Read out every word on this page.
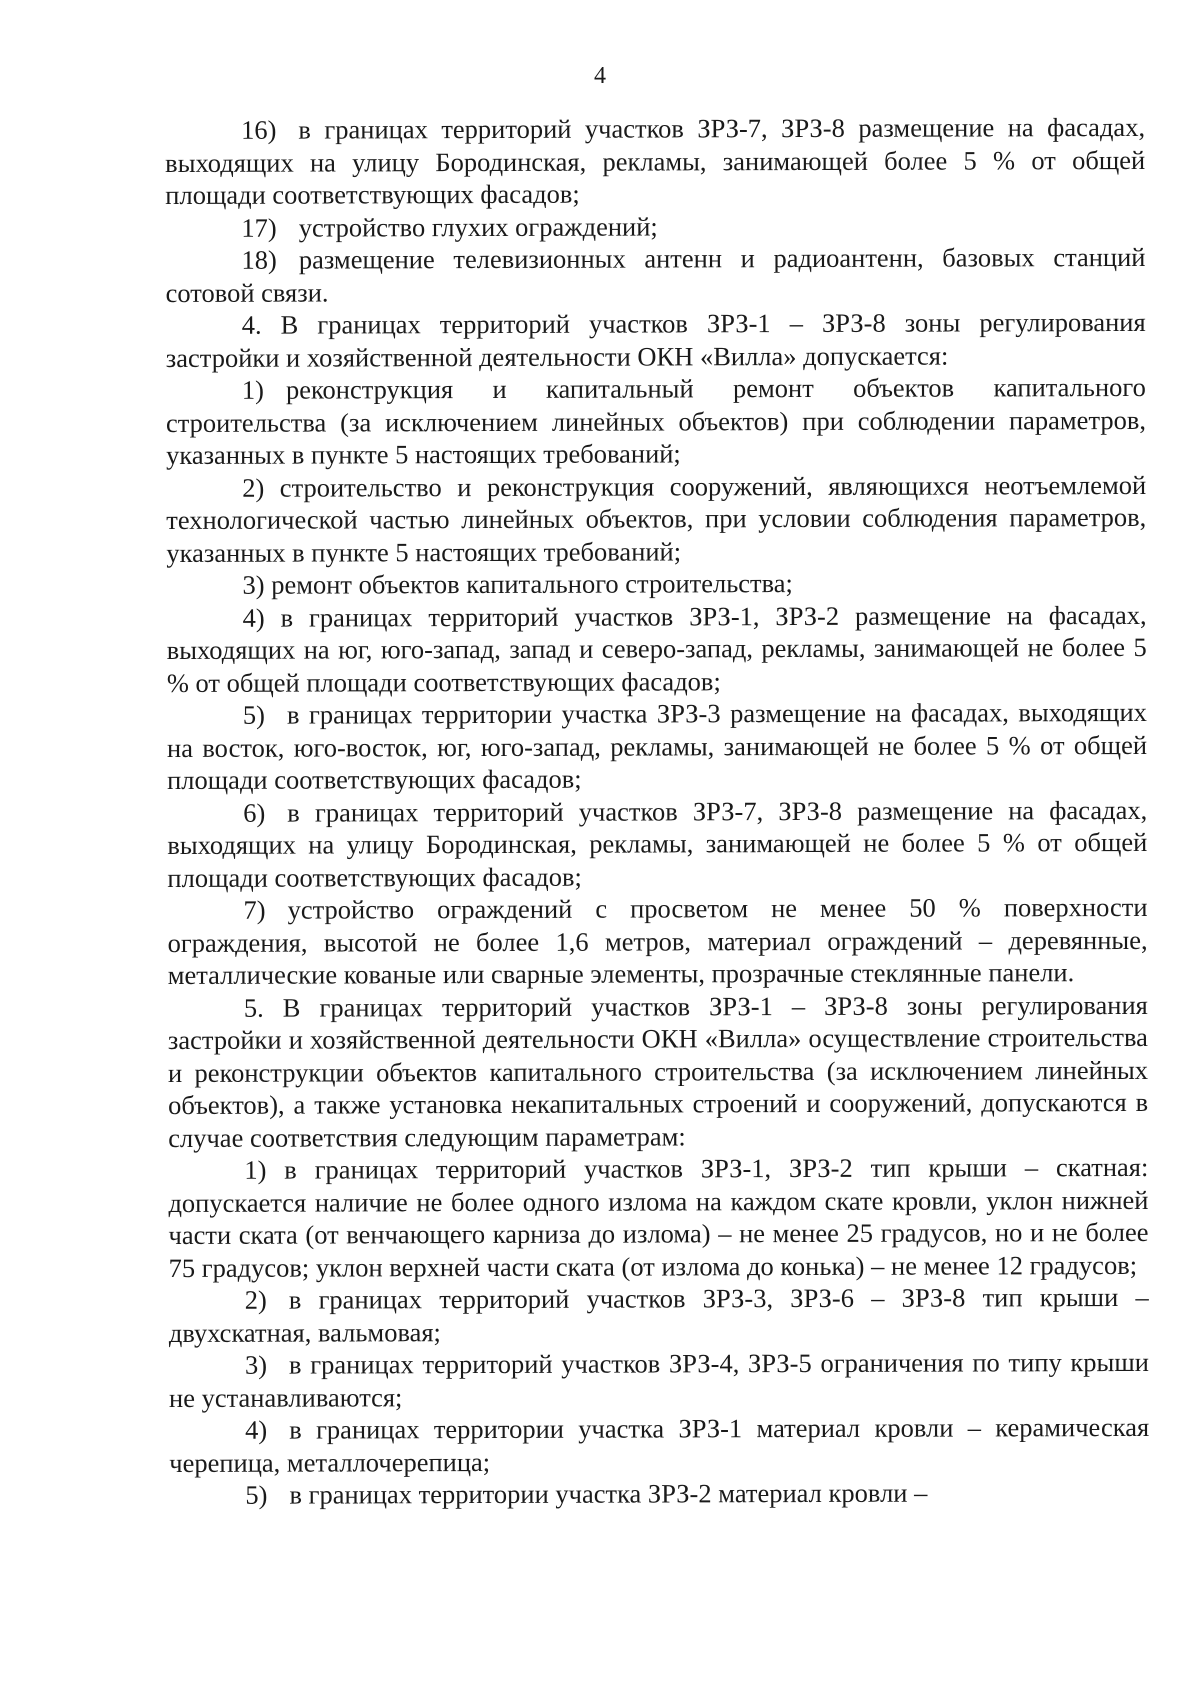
4

16) в границах территорий участков ЗРЗ-7, ЗРЗ-8 размещение на фасадах, выходящих на улицу Бородинская, рекламы, занимающей более 5 % от общей площади соответствующих фасадов;

17) устройство глухих ограждений;

18) размещение телевизионных антенн и радиоантенн, базовых станций сотовой связи.

4. В границах территорий участков ЗРЗ-1 – ЗРЗ-8 зоны регулирования застройки и хозяйственной деятельности ОКН «Вилла» допускается:

1) реконструкция и капитальный ремонт объектов капитального строительства (за исключением линейных объектов) при соблюдении параметров, указанных в пункте 5 настоящих требований;

2) строительство и реконструкция сооружений, являющихся неотъемлемой технологической частью линейных объектов, при условии соблюдения параметров, указанных в пункте 5 настоящих требований;

3) ремонт объектов капитального строительства;

4) в границах территорий участков ЗРЗ-1, ЗРЗ-2 размещение на фасадах, выходящих на юг, юго-запад, запад и северо-запад, рекламы, занимающей не более 5 % от общей площади соответствующих фасадов;

5) в границах территории участка ЗРЗ-3 размещение на фасадах, выходящих на восток, юго-восток, юг, юго-запад, рекламы, занимающей не более 5 % от общей площади соответствующих фасадов;

6) в границах территорий участков ЗРЗ-7, ЗРЗ-8 размещение на фасадах, выходящих на улицу Бородинская, рекламы, занимающей не более 5 % от общей площади соответствующих фасадов;

7) устройство ограждений с просветом не менее 50 % поверхности ограждения, высотой не более 1,6 метров, материал ограждений – деревянные, металлические кованые или сварные элементы, прозрачные стеклянные панели.

5. В границах территорий участков ЗРЗ-1 – ЗРЗ-8 зоны регулирования застройки и хозяйственной деятельности ОКН «Вилла» осуществление строительства и реконструкции объектов капитального строительства (за исключением линейных объектов), а также установка некапитальных строений и сооружений, допускаются в случае соответствия следующим параметрам:

1) в границах территорий участков ЗРЗ-1, ЗРЗ-2 тип крыши – скатная: допускается наличие не более одного излома на каждом скате кровли, уклон нижней части ската (от венчающего карниза до излома) – не менее 25 градусов, но и не более 75 градусов; уклон верхней части ската (от излома до конька) – не менее 12 градусов;

2) в границах территорий участков ЗРЗ-3, ЗРЗ-6 – ЗРЗ-8 тип крыши – двухскатная, вальмовая;

3) в границах территорий участков ЗРЗ-4, ЗРЗ-5 ограничения по типу крыши не устанавливаются;

4) в границах территории участка ЗРЗ-1 материал кровли – керамическая черепица, металлочерепица;

5) в границах территории участка ЗРЗ-2 материал кровли –
